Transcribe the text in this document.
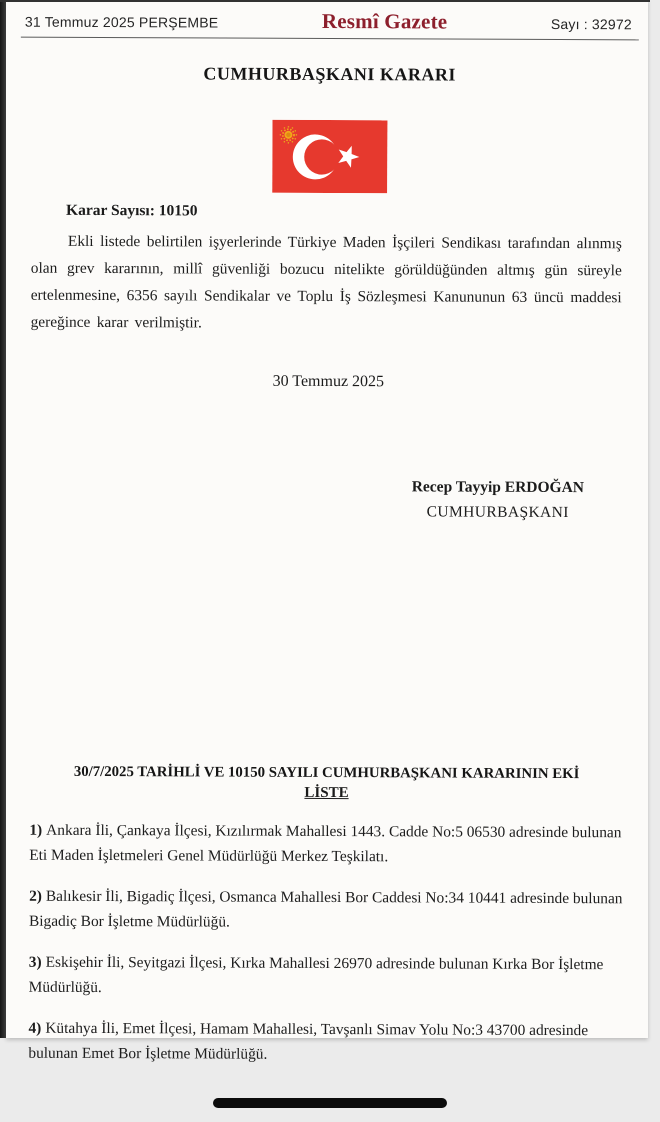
31 Temmuz 2025 PERŞEMBE	Resmî Gazete	Sayı : 32972
CUMHURBAŞKANI KARARI
Karar Sayısı: 10150

Ekli listede belirtilen işyerlerinde Türkiye Maden İşçileri Sendikası tarafından alınmış olan grev kararının, millî güvenliği bozucu nitelikte görüldüğünden altmış gün süreyle ertelenmesine, 6356 sayılı Sendikalar ve Toplu İş Sözleşmesi Kanununun 63 üncü maddesi gereğince karar verilmiştir.

30 Temmuz 2025
Recep Tayyip ERDOĞAN
CUMHURBAŞKANI
30/7/2025 TARİHLİ VE 10150 SAYILI CUMHURBAŞKANI KARARININ EKİ
LİSTE

1) Ankara İli, Çankaya İlçesi, Kızılırmak Mahallesi 1443. Cadde No:5 06530 adresinde bulunan Eti Maden İşletmeleri Genel Müdürlüğü Merkez Teşkilatı.

2) Balıkesir İli, Bigadiç İlçesi, Osmanca Mahallesi Bor Caddesi No:34 10441 adresinde bulunan Bigadiç Bor İşletme Müdürlüğü.

3) Eskişehir İli, Seyitgazi İlçesi, Kırka Mahallesi 26970 adresinde bulunan Kırka Bor İşletme Müdürlüğü.

4) Kütahya İli, Emet İlçesi, Hamam Mahallesi, Tavşanlı Simav Yolu No:3 43700 adresinde bulunan Emet Bor İşletme Müdürlüğü.
